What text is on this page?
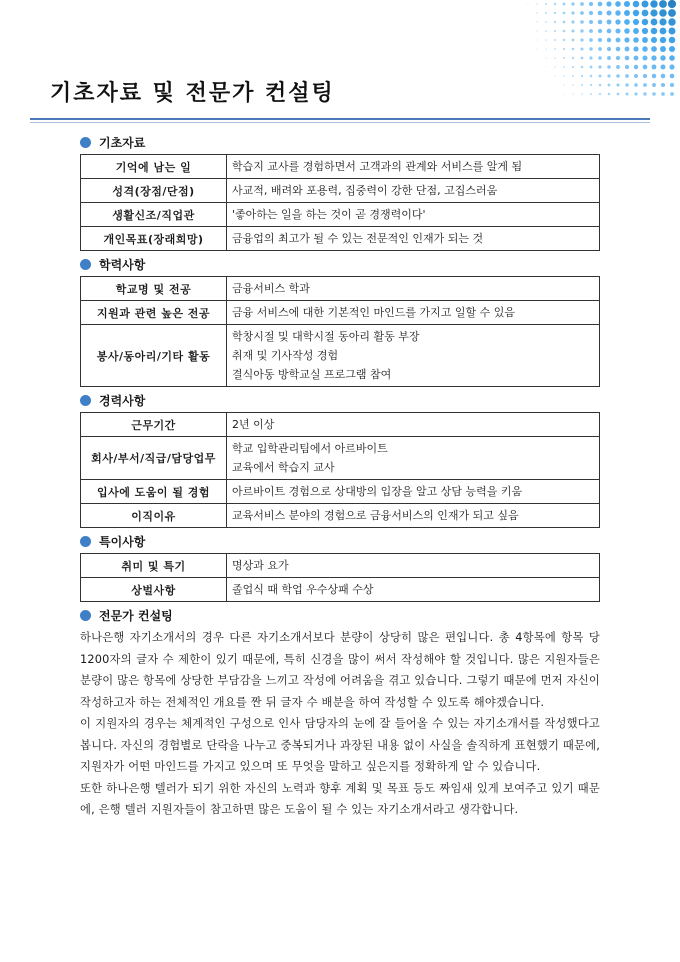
기초자료 및 전문가 컨설팅
기초자료
기억에 남는 일	학습지 교사를 경험하면서 고객과의 관계와 서비스를 알게 됨

성격(장점/단점)	사교적, 배려와 포용력, 집중력이 강한 단점, 고집스러움

생활신조/직업관	'좋아하는 일을 하는 것이 곧 경쟁력이다'

개인목표(장래희망)	금융업의 최고가 될 수 있는 전문적인 인재가 되는 것
학력사항
학교명 및 전공	금융서비스 학과

지원과 관련 높은 전공	금융 서비스에 대한 기본적인 마인드를 가지고 일할 수 있음

봉사/동아리/기타 활동	학창시절 및 대학시절 동아리 활동 부장
취재 및 기사작성 경험
결식아동 방학교실 프로그램 참여
경력사항
근무기간	2년 이상

회사/부서/직급/담당업무	학교 입학관리팀에서 아르바이트
교육에서 학습지 교사

입사에 도움이 될 경험	아르바이트 경험으로 상대방의 입장을 알고 상담 능력을 키움

이직이유	교육서비스 분야의 경험으로 금융서비스의 인재가 되고 싶음
특이사항
취미 및 특기	명상과 요가

상벌사항	졸업식 때 학업 우수상패 수상
전문가 컨설팅

하나은행 자기소개서의 경우 다른 자기소개서보다 분량이 상당히 많은 편입니다. 총 4항목에 항목 당 1200자의 글자 수 제한이 있기 때문에, 특히 신경을 많이 써서 작성해야 할 것입니다. 많은 지원자들은 분량이 많은 항목에 상당한 부담감을 느끼고 작성에 어려움을 겪고 있습니다. 그렇기 때문에 먼저 자신이 작성하고자 하는 전체적인 개요를 짠 뒤 글자 수 배분을 하여 작성할 수 있도록 해야겠습니다.

이 지원자의 경우는 체계적인 구성으로 인사 담당자의 눈에 잘 들어올 수 있는 자기소개서를 작성했다고 봅니다. 자신의 경험별로 단락을 나누고 중복되거나 과장된 내용 없이 사실을 솔직하게 표현했기 때문에, 지원자가 어떤 마인드를 가지고 있으며 또 무엇을 말하고 싶은지를 정확하게 알 수 있습니다.

또한 하나은행 텔러가 되기 위한 자신의 노력과 향후 계획 및 목표 등도 짜임새 있게 보여주고 있기 때문에, 은행 텔러 지원자들이 참고하면 많은 도움이 될 수 있는 자기소개서라고 생각합니다.
